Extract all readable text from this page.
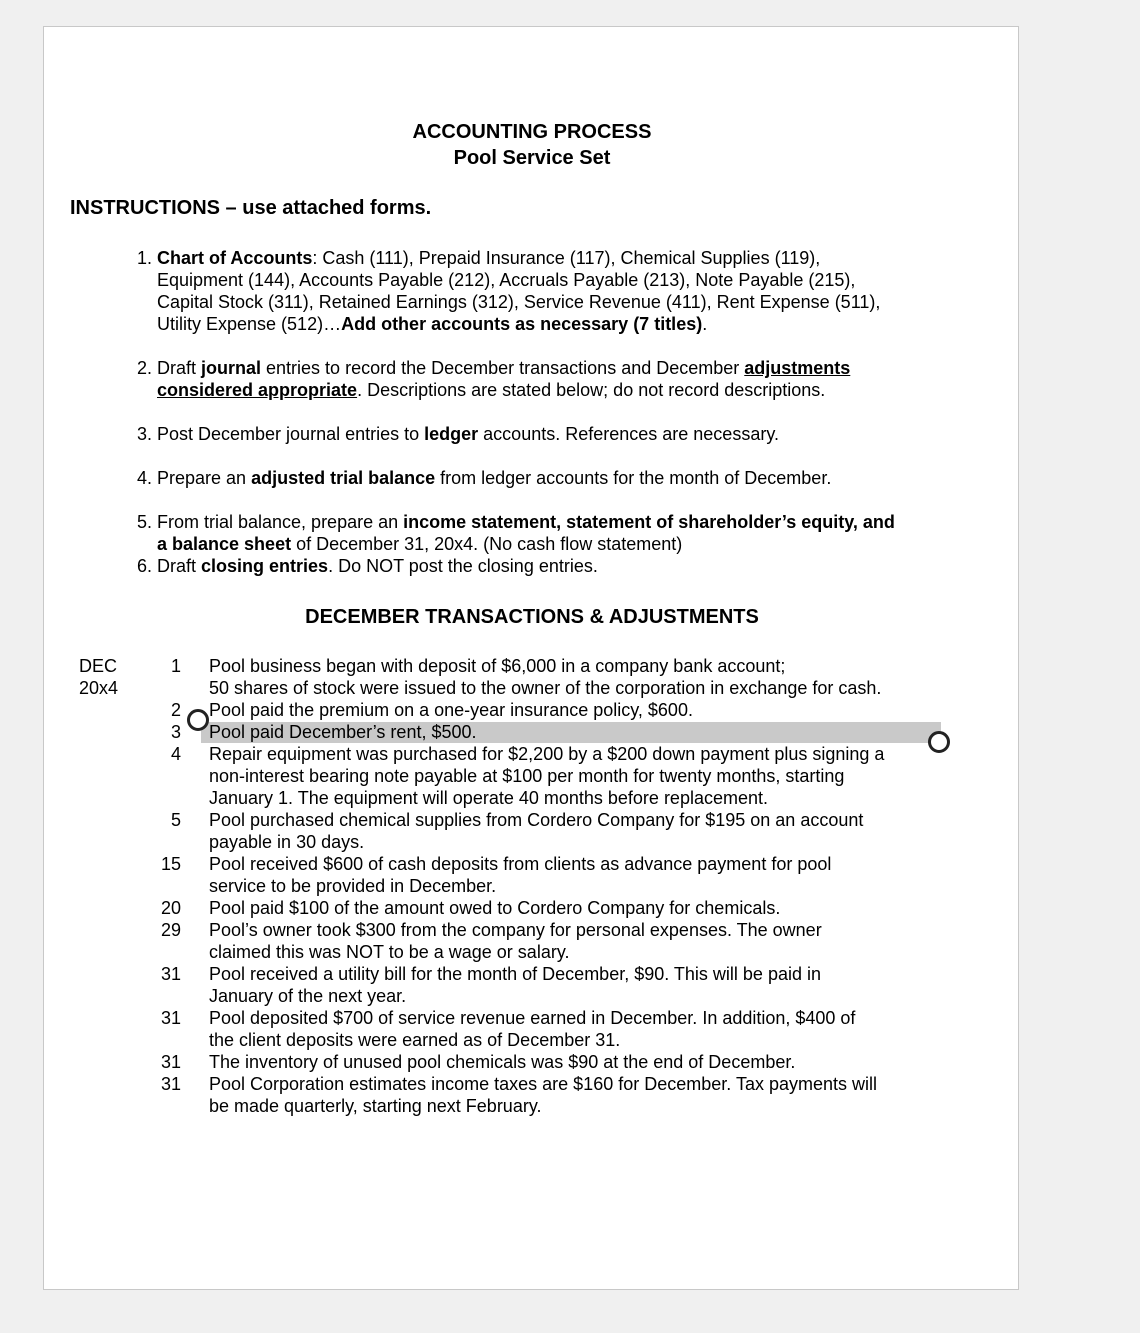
ACCOUNTING PROCESS
Pool Service Set
INSTRUCTIONS – use attached forms.
1. Chart of Accounts: Cash (111), Prepaid Insurance (117), Chemical Supplies (119),
Equipment (144), Accounts Payable (212), Accruals Payable (213), Note Payable (215),
Capital Stock (311), Retained Earnings (312), Service Revenue (411), Rent Expense (511),
Utility Expense (512)…Add other accounts as necessary (7 titles).
2. Draft journal entries to record the December transactions and December adjustments
considered appropriate. Descriptions are stated below; do not record descriptions.
3. Post December journal entries to ledger accounts. References are necessary.
4. Prepare an adjusted trial balance from ledger accounts for the month of December.
5. From trial balance, prepare an income statement, statement of shareholder’s equity, and
a balance sheet of December 31, 20x4. (No cash flow statement)
6. Draft closing entries. Do NOT post the closing entries.
DECEMBER TRANSACTIONS & ADJUSTMENTS
DEC
20x4
1 Pool business began with deposit of $6,000 in a company bank account;
50 shares of stock were issued to the owner of the corporation in exchange for cash.
2 Pool paid the premium on a one-year insurance policy, $600.
3 Pool paid December’s rent, $500.
4 Repair equipment was purchased for $2,200 by a $200 down payment plus signing a
non-interest bearing note payable at $100 per month for twenty months, starting
January 1. The equipment will operate 40 months before replacement.
5 Pool purchased chemical supplies from Cordero Company for $195 on an account
payable in 30 days.
15 Pool received $600 of cash deposits from clients as advance payment for pool
service to be provided in December.
20 Pool paid $100 of the amount owed to Cordero Company for chemicals.
29 Pool’s owner took $300 from the company for personal expenses. The owner
claimed this was NOT to be a wage or salary.
31 Pool received a utility bill for the month of December, $90. This will be paid in
January of the next year.
31 Pool deposited $700 of service revenue earned in December. In addition, $400 of
the client deposits were earned as of December 31.
31 The inventory of unused pool chemicals was $90 at the end of December.
31 Pool Corporation estimates income taxes are $160 for December. Tax payments will
be made quarterly, starting next February.
